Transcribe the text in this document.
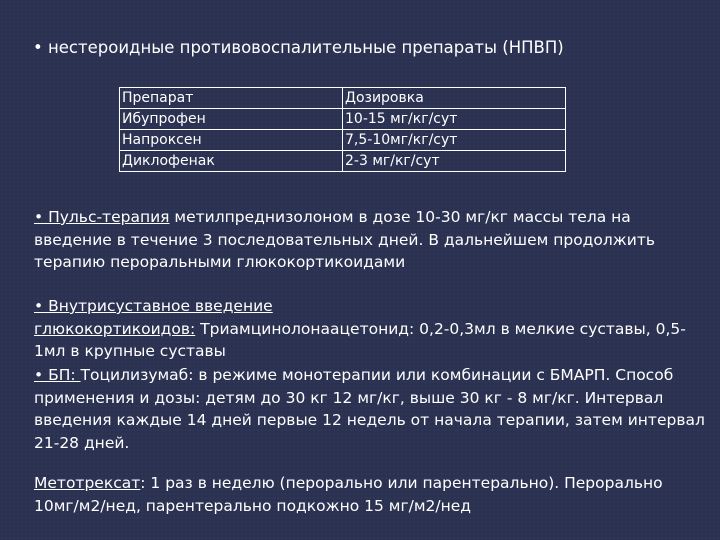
• нестероидные противовоспалительные препараты (НПВП)
Препарат	Дозировка
Ибупрофен	10-15 мг/кг/сут
Напроксен	7,5-10мг/кг/сут
Диклофенак	2-3 мг/кг/сут
• Пульс-терапия метилпреднизолоном в дозе 10-30 мг/кг массы тела на введение в течение 3 последовательных дней. В дальнейшем продолжить терапию пероральными глюкокортикоидами
• Внутрисуставное введение
глюкокортикоидов: Триамцинолонаацетонид: 0,2-0,3мл в мелкие суставы, 0,5-1мл в крупные суставы
• БП: Тоцилизумаб: в режиме монотерапии или комбинации с БМАРП. Способ применения и дозы: детям до 30 кг 12 мг/кг, выше 30 кг - 8 мг/кг. Интервал введения каждые 14 дней первые 12 недель от начала терапии, затем интервал 21-28 дней.
Метотрексат: 1 раз в неделю (перорально или парентерально). Перорально 10мг/м2/нед, парентерально подкожно 15 мг/м2/нед
